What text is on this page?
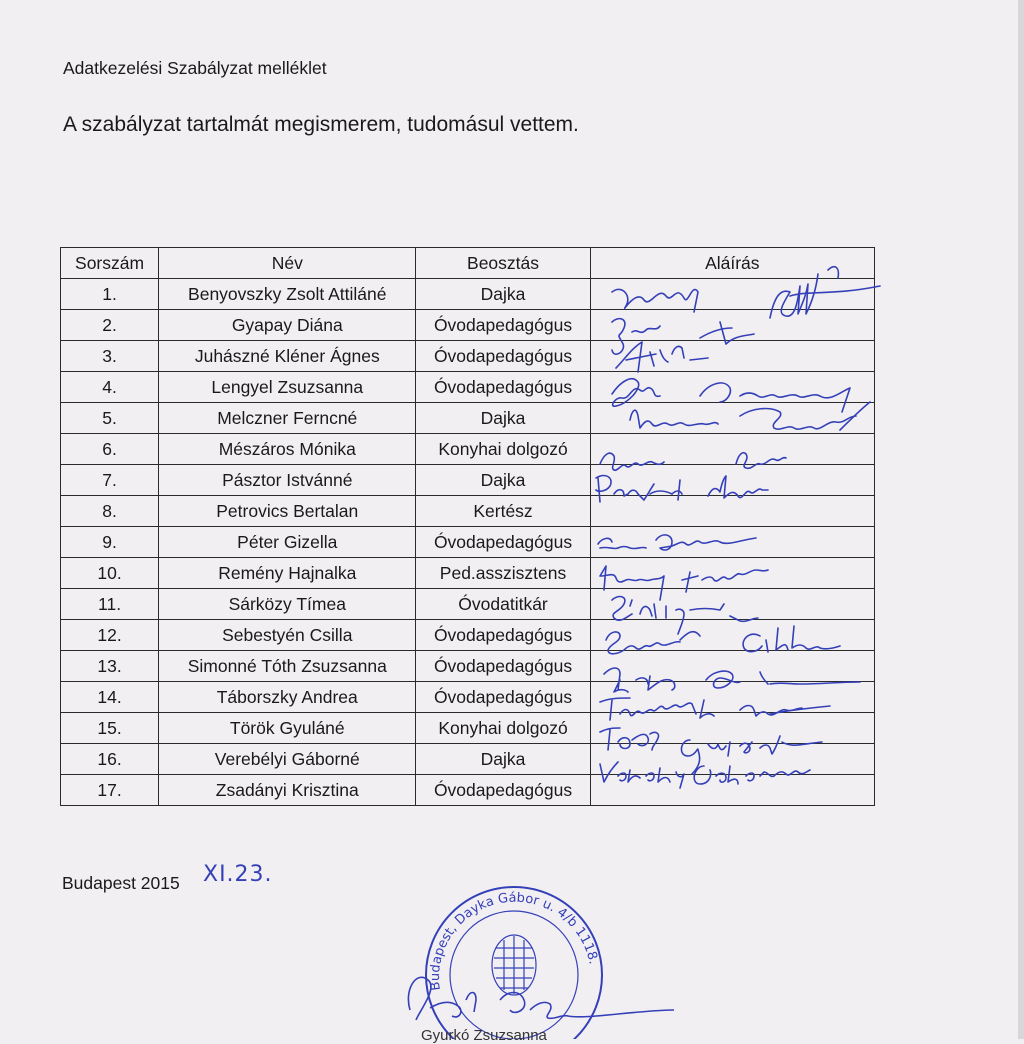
Adatkezelési Szabályzat melléklet
A szabályzat tartalmát megismerem, tudomásul vettem.
Sorszám	Név	Beosztás	Aláírás
1.	Benyovszky Zsolt Attiláné	Dajka	
2.	Gyapay Diána	Óvodapedagógus	
3.	Juhászné Kléner Ágnes	Óvodapedagógus	
4.	Lengyel Zsuzsanna	Óvodapedagógus	
5.	Melczner Ferncné	Dajka	
6.	Mészáros Mónika	Konyhai dolgozó	
7.	Pásztor Istvánné	Dajka	
8.	Petrovics Bertalan	Kertész	
9.	Péter Gizella	Óvodapedagógus	
10.	Remény Hajnalka	Ped.asszisztens	
11.	Sárközy Tímea	Óvodatitkár	
12.	Sebestyén Csilla	Óvodapedagógus	
13.	Simonné Tóth Zsuzsanna	Óvodapedagógus	
14.	Táborszky Andrea	Óvodapedagógus	
15.	Török Gyuláné	Konyhai dolgozó	
16.	Verebélyi Gáborné	Dajka	
17.	Zsadányi Krisztina	Óvodapedagógus	
Budapest, Dayka Gábor u. 4/b 1118.
Budapest 2015 XI.23.
Gyurkó Zsuzsanna
